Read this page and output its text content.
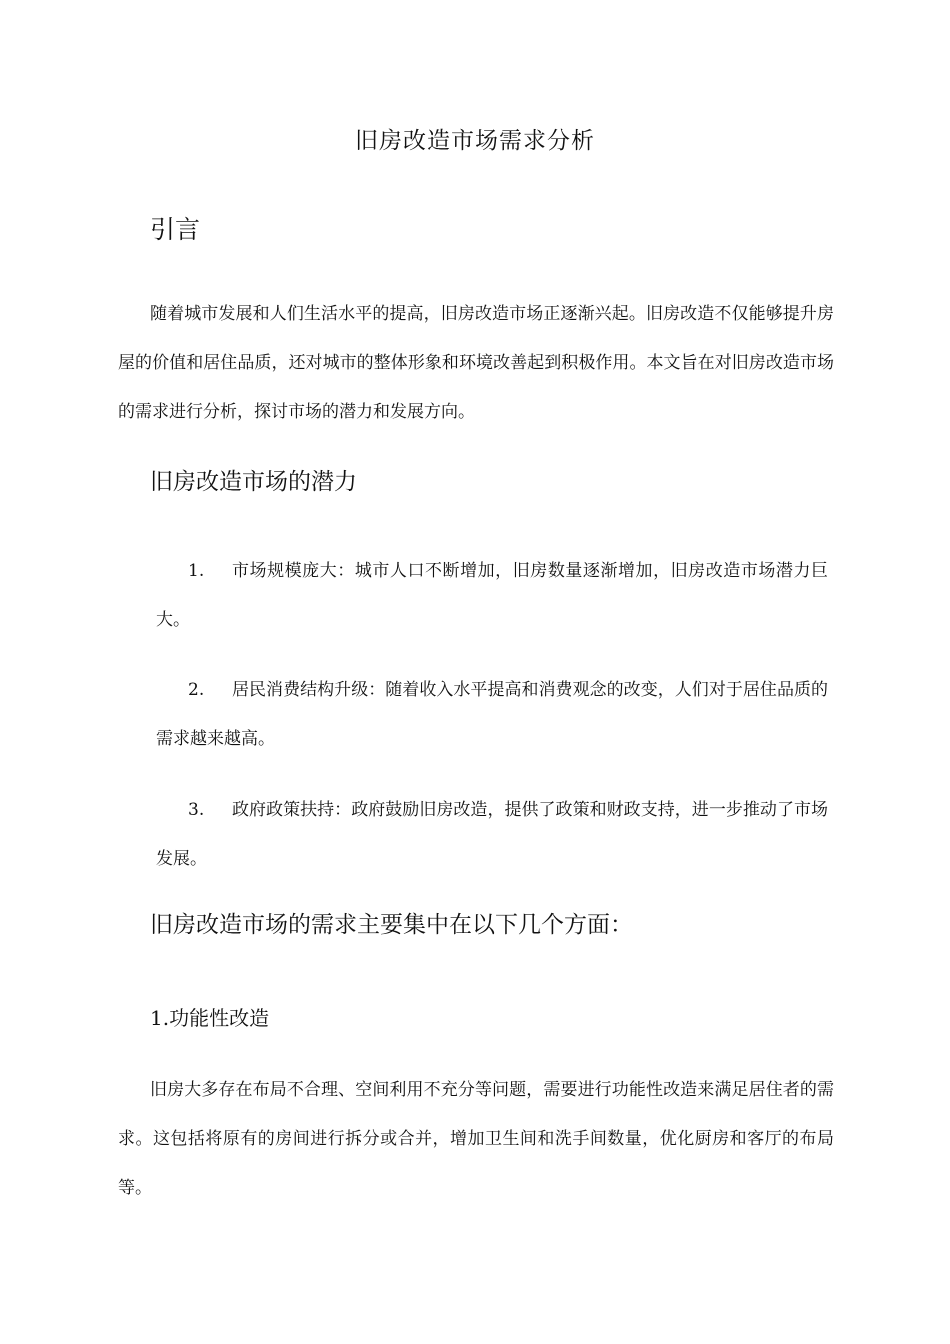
旧房改造市场需求分析
引言
随着城市发展和人们生活水平的提高，旧房改造市场正逐渐兴起。旧房改造不仅能够提升房屋的价值和居住品质，还对城市的整体形象和环境改善起到积极作用。本文旨在对旧房改造市场的需求进行分析，探讨市场的潜力和发展方向。
旧房改造市场的潜力
1.	市场规模庞大：城市人口不断增加，旧房数量逐渐增加，旧房改造市场潜力巨大。
2.	居民消费结构升级：随着收入水平提高和消费观念的改变，人们对于居住品质的需求越来越高。
3.	政府政策扶持：政府鼓励旧房改造，提供了政策和财政支持，进一步推动了市场发展。
旧房改造市场的需求主要集中在以下几个方面：
1.功能性改造
旧房大多存在布局不合理、空间利用不充分等问题，需要进行功能性改造来满足居住者的需求。这包括将原有的房间进行拆分或合并，增加卫生间和洗手间数量，优化厨房和客厅的布局等。
